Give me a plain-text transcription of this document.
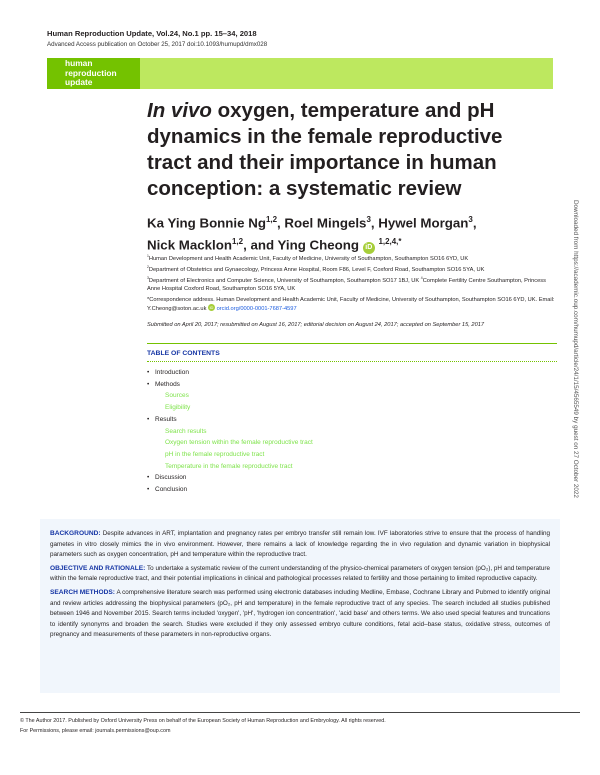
Human Reproduction Update, Vol.24, No.1 pp. 15–34, 2018
Advanced Access publication on October 25, 2017 doi:10.1093/humupd/dmx028
human
reproduction
update
In vivo oxygen, temperature and pH dynamics in the female reproductive tract and their importance in human conception: a systematic review
Ka Ying Bonnie Ng$^{1,2}$, Roel Mingels$^3$, Hywel Morgan$^3$,
Nick Macklon$^{1,2}$, and Ying Cheong iD $^{1,2,4,*}$
$^1$Human Development and Health Academic Unit, Faculty of Medicine, University of Southampton, Southampton SO16 6YD, UK
$^2$Department of Obstetrics and Gynaecology, Princess Anne Hospital, Room F86, Level F, Coxford Road, Southampton SO16 5YA, UK
$^3$Department of Electronics and Computer Science, University of Southampton, Southampton SO17 1BJ, UK $^4$Complete Fertility Centre Southampton, Princess Anne Hospital Coxford Road, Southampton SO16 5YA, UK
*Correspondence address. Human Development and Health Academic Unit, Faculty of Medicine, University of Southampton, Southampton SO16 6YD, UK. Email: Y.Cheong@soton.ac.uk iD orcid.org/0000-0001-7687-4597
Submitted on April 20, 2017; resubmitted on August 16, 2017; editorial decision on August 24, 2017; accepted on September 15, 2017
TABLE OF CONTENTS
• Introduction
• Methods
Sources
Eligibility
• Results
Search results
Oxygen tension within the female reproductive tract
pH in the female reproductive tract
Temperature in the female reproductive tract
• Discussion
• Conclusion

BACKGROUND: Despite advances in ART, implantation and pregnancy rates per embryo transfer still remain low. IVF laboratories strive to ensure that the process of handling gametes in vitro closely mimics the in vivo environment. However, there remains a lack of knowledge regarding the in vivo regulation and dynamic variation in biophysical parameters such as oxygen concentration, pH and temperature within the reproductive tract.

OBJECTIVE AND RATIONALE: To undertake a systematic review of the current understanding of the physico-chemical parameters of oxygen tension (pO₂), pH and temperature within the female reproductive tract, and their potential implications in clinical and pathological processes related to fertility and those pertaining to limited reproductive capacity.

SEARCH METHODS: A comprehensive literature search was performed using electronic databases including Medline, Embase, Cochrane Library and Pubmed to identify original and review articles addressing the biophysical parameters (pO₂, pH and temperature) in the female reproductive tract of any species. The search included all studies published between 1946 and November 2015. Search terms included 'oxygen', 'pH', 'hydrogen ion concentration', 'acid base' and others terms. We also used special features and truncations to identify synonyms and broaden the search. Studies were excluded if they only assessed embryo culture conditions, fetal acid–base status, oxidative stress, outcomes of pregnancy and measurements of these parameters in non-reproductive organs.

© The Author 2017. Published by Oxford University Press on behalf of the European Society of Human Reproduction and Embryology. All rights reserved.
For Permissions, please email: journals.permissions@oup.com
Downloaded from https://academic.oup.com/humupd/article/24/1/15/4565549 by guest on 27 October 2022
